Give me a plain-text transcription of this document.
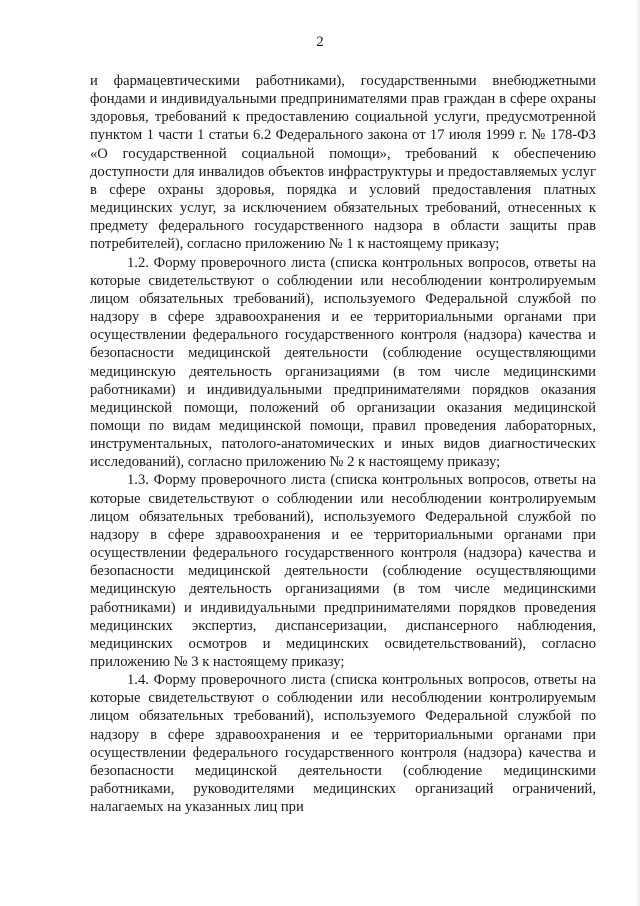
2

и фармацевтическими работниками), государственными внебюджетными фондами и индивидуальными предпринимателями прав граждан в сфере охраны здоровья, требований к предоставлению социальной услуги, предусмотренной пунктом 1 части 1 статьи 6.2 Федерального закона от 17 июля 1999 г. № 178-ФЗ «О государственной социальной помощи», требований к обеспечению доступности для инвалидов объектов инфраструктуры и предоставляемых услуг в сфере охраны здоровья, порядка и условий предоставления платных медицинских услуг, за исключением обязательных требований, отнесенных к предмету федерального государственного надзора в области защиты прав потребителей), согласно приложению № 1 к настоящему приказу;

1.2. Форму проверочного листа (списка контрольных вопросов, ответы на которые свидетельствуют о соблюдении или несоблюдении контролируемым лицом обязательных требований), используемого Федеральной службой по надзору в сфере здравоохранения и ее территориальными органами при осуществлении федерального государственного контроля (надзора) качества и безопасности медицинской деятельности (соблюдение осуществляющими медицинскую деятельность организациями (в том числе медицинскими работниками) и индивидуальными предпринимателями порядков оказания медицинской помощи, положений об организации оказания медицинской помощи по видам медицинской помощи, правил проведения лабораторных, инструментальных, патолого-анатомических и иных видов диагностических исследований), согласно приложению № 2 к настоящему приказу;

1.3. Форму проверочного листа (списка контрольных вопросов, ответы на которые свидетельствуют о соблюдении или несоблюдении контролируемым лицом обязательных требований), используемого Федеральной службой по надзору в сфере здравоохранения и ее территориальными органами при осуществлении федерального государственного контроля (надзора) качества и безопасности медицинской деятельности (соблюдение осуществляющими медицинскую деятельность организациями (в том числе медицинскими работниками) и индивидуальными предпринимателями порядков проведения медицинских экспертиз, диспансеризации, диспансерного наблюдения, медицинских осмотров и медицинских освидетельствований), согласно приложению № 3 к настоящему приказу;

1.4. Форму проверочного листа (списка контрольных вопросов, ответы на которые свидетельствуют о соблюдении или несоблюдении контролируемым лицом обязательных требований), используемого Федеральной службой по надзору в сфере здравоохранения и ее территориальными органами при осуществлении федерального государственного контроля (надзора) качества и безопасности медицинской деятельности (соблюдение медицинскими работниками, руководителями медицинских организаций ограничений, налагаемых на указанных лиц при
